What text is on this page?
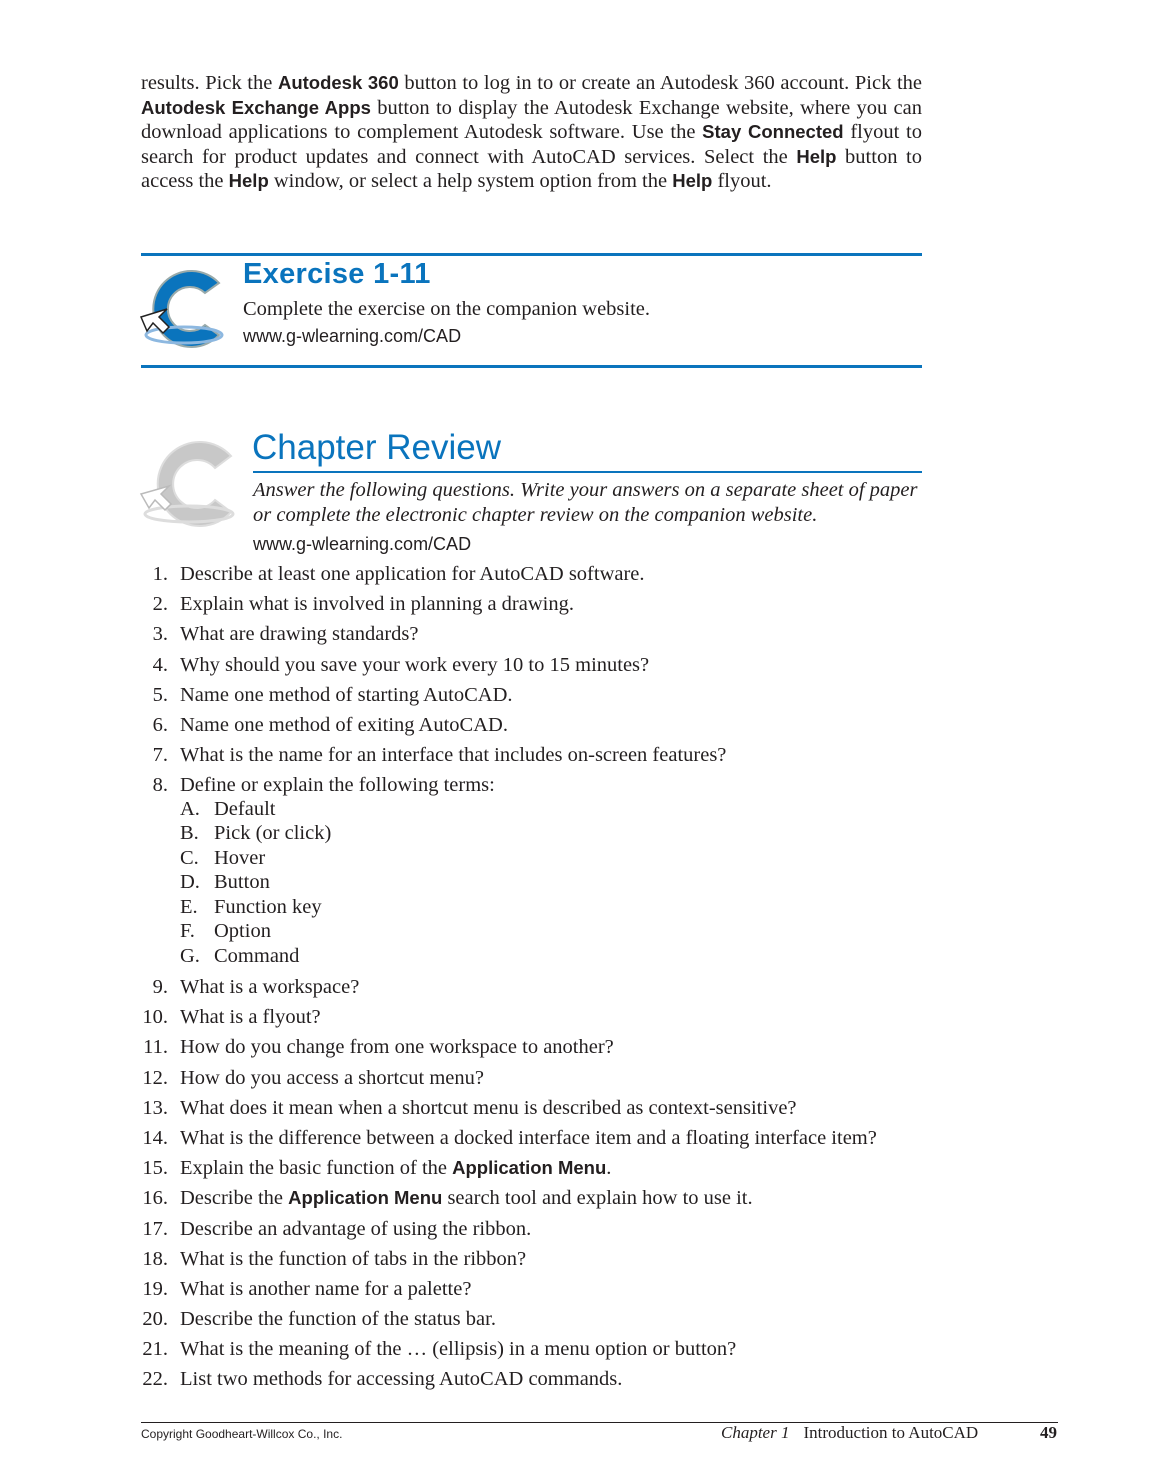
results. Pick the Autodesk 360 button to log in to or create an Autodesk 360 account. Pick the Autodesk Exchange Apps button to display the Autodesk Exchange website, where you can download applications to complement Autodesk software. Use the Stay Connected flyout to search for product updates and connect with AutoCAD services. Select the Help button to access the Help window, or select a help system option from the Help flyout.
Exercise 1-11
Complete the exercise on the companion website.
www.g-wlearning.com/CAD
Chapter Review
Answer the following questions. Write your answers on a separate sheet of paper or complete the electronic chapter review on the companion website.
www.g-wlearning.com/CAD
1. Describe at least one application for AutoCAD software.
2. Explain what is involved in planning a drawing.
3. What are drawing standards?
4. Why should you save your work every 10 to 15 minutes?
5. Name one method of starting AutoCAD.
6. Name one method of exiting AutoCAD.
7. What is the name for an interface that includes on-screen features?
8. Define or explain the following terms:
A. Default
B. Pick (or click)
C. Hover
D. Button
E. Function key
F. Option
G. Command
9. What is a workspace?
10. What is a flyout?
11. How do you change from one workspace to another?
12. How do you access a shortcut menu?
13. What does it mean when a shortcut menu is described as context-sensitive?
14. What is the difference between a docked interface item and a floating interface item?
15. Explain the basic function of the Application Menu.
16. Describe the Application Menu search tool and explain how to use it.
17. Describe an advantage of using the ribbon.
18. What is the function of tabs in the ribbon?
19. What is another name for a palette?
20. Describe the function of the status bar.
21. What is the meaning of the … (ellipsis) in a menu option or button?
22. List two methods for accessing AutoCAD commands.
Copyright Goodheart-Willcox Co., Inc.	Chapter 1 Introduction to AutoCAD	49
